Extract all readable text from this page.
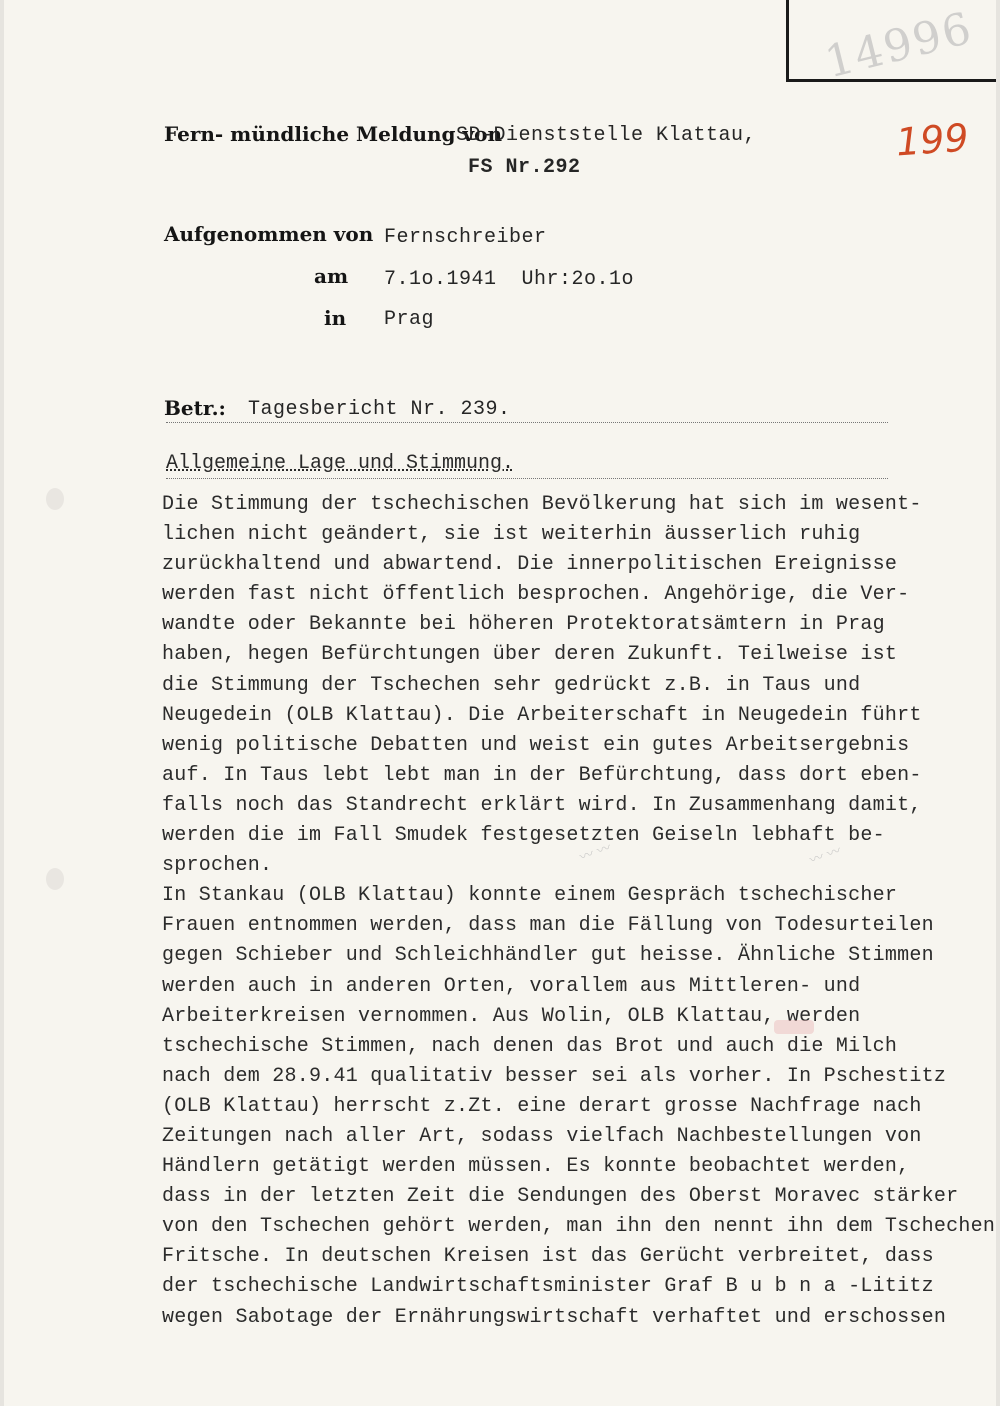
14996
199
Fern- mündliche Meldung von
SD-Dienststelle Klattau,
FS Nr.292
Aufgenommen von Fernschreiber
am 7.1o.1941  Uhr:2o.1o
in Prag
Betr.: Tagesbericht Nr. 239.
Allgemeine Lage und Stimmung.
Die Stimmung der tschechischen Bevölkerung hat sich im wesent-
lichen nicht geändert, sie ist weiterhin äusserlich ruhig
zurückhaltend und abwartend. Die innerpolitischen Ereignisse
werden fast nicht öffentlich besprochen. Angehörige, die Ver-
wandte oder Bekannte bei höheren Protektoratsämtern in Prag
haben, hegen Befürchtungen über deren Zukunft. Teilweise ist
die Stimmung der Tschechen sehr gedrückt z.B. in Taus und
Neugedein (OLB Klattau). Die Arbeiterschaft in Neugedein führt
wenig politische Debatten und weist ein gutes Arbeitsergebnis
auf. In Taus lebt lebt man in der Befürchtung, dass dort eben-
falls noch das Standrecht erklärt wird. In Zusammenhang damit,
werden die im Fall Smudek festgesetzten Geiseln lebhaft be-
sprochen.
In Stankau (OLB Klattau) konnte einem Gespräch tschechischer
Frauen entnommen werden, dass man die Fällung von Todesurteilen
gegen Schieber und Schleichhändler gut heisse. Ähnliche Stimmen
werden auch in anderen Orten, vorallem aus Mittleren- und
Arbeiterkreisen vernommen. Aus Wolin, OLB Klattau, werden
tschechische Stimmen, nach denen das Brot und auch die Milch
nach dem 28.9.41 qualitativ besser sei als vorher. In Pschestitz
(OLB Klattau) herrscht z.Zt. eine derart grosse Nachfrage nach
Zeitungen nach aller Art, sodass vielfach Nachbestellungen von
Händlern getätigt werden müssen. Es konnte beobachtet werden,
dass in der letzten Zeit die Sendungen des Oberst Moravec stärker
von den Tschechen gehört werden, man ihn den nennt ihn dem Tschechen
Fritsche. In deutschen Kreisen ist das Gerücht verbreitet, dass
der tschechische Landwirtschaftsminister Graf B u b n a -Lititz
wegen Sabotage der Ernährungswirtschaft verhaftet und erschossen
〰 〰	〰 〰
